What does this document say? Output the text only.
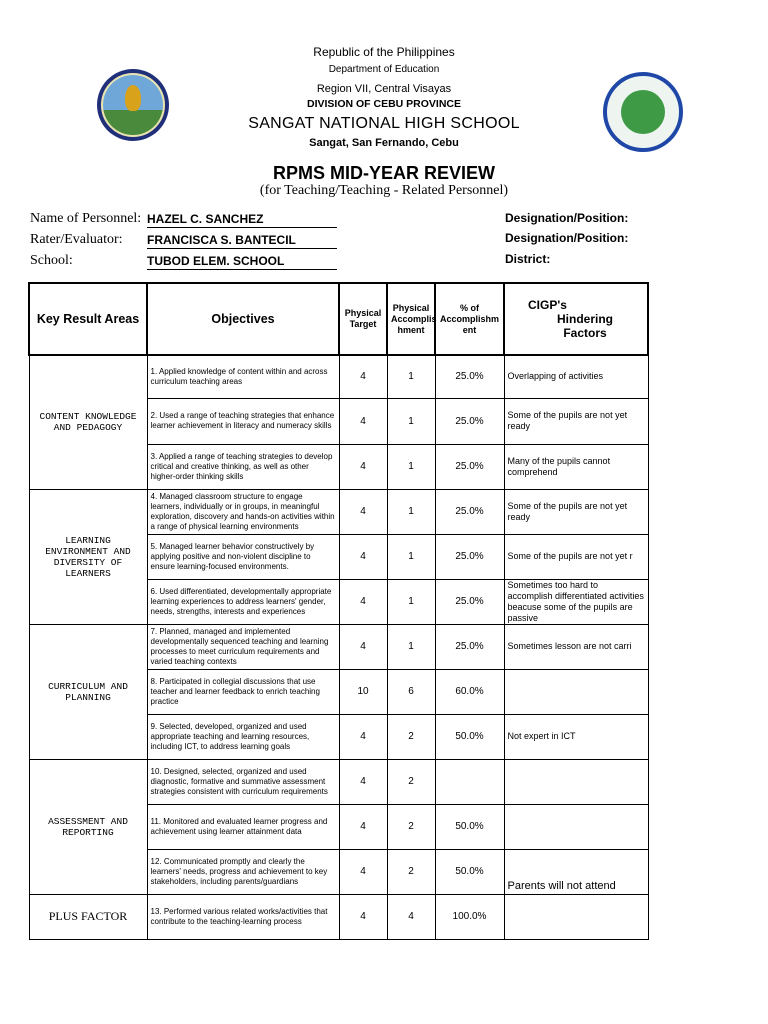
Republic of the Philippines
Department of Education
Region VII, Central Visayas
DIVISION OF CEBU PROVINCE
SANGAT NATIONAL HIGH SCHOOL
Sangat, San Fernando, Cebu
RPMS MID-YEAR REVIEW
(for Teaching/Teaching - Related Personnel)
Name of Personnel: HAZEL C. SANCHEZ
Rater/Evaluator: FRANCISCA S. BANTECIL
School:	TUBOD ELEM. SCHOOL
Designation/Position:
Designation/Position:
District:
Key Result Areas	Objectives	Physical Target	Physical Accomplis hment	% of Accomplishm ent	CIGP's
Hindering
Factors

CONTENT KNOWLEDGE AND PEDAGOGY	1. Applied knowledge of content within and across curriculum teaching areas	4	1	25.0%	Overlapping of activities
	2. Used a range of teaching strategies that enhance learner achievement in literacy and numeracy skills	4	1	25.0%	Some of the pupils are not yet ready
	3. Applied a range of teaching strategies to develop critical and creative thinking, as well as other higher-order thinking skills	4	1	25.0%	Many of the pupils cannot comprehend
LEARNING ENVIRONMENT AND DIVERSITY OF LEARNERS	4. Managed classroom structure to engage learners, individually or in groups, in meaningful exploration, discovery and hands-on activities within a range of physical learning environments	4	1	25.0%	Some of the pupils are not yet ready
	5. Managed learner behavior constructively by applying positive and non-violent discipline to ensure learning-focused environments.	4	1	25.0%	Some of the pupils are not yet r
	6. Used differentiated, developmentally appropriate learning experiences to address learners' gender, needs, strengths, interests and experiences	4	1	25.0%	Sometimes too hard to accomplish differentiated activities beacuse some of the pupils are passive
CURRICULUM AND PLANNING	7. Planned, managed and implemented developmentally sequenced teaching and learning processes to meet curriculum requirements and varied teaching contexts	4	1	25.0%	Sometimes lesson are not carri
	8. Participated in collegial discussions that use teacher and learner feedback to enrich teaching practice	10	6	60.0%	
	9. Selected, developed, organized and used appropriate teaching and learning resources, including ICT, to address learning goals	4	2	50.0%	Not expert in ICT
ASSESSMENT AND REPORTING	10. Designed, selected, organized and used diagnostic, formative and summative assessment strategies consistent with curriculum requirements	4	2		
	11. Monitored and evaluated learner progress and achievement using learner attainment data	4	2	50.0%	
	12. Communicated promptly and clearly the learners' needs, progress and achievement to key stakeholders, including parents/guardians	4	2	50.0%	Parents will not attend
PLUS FACTOR	13. Performed various related works/activities that contribute to the teaching-learning process	4	4	100.0%	
